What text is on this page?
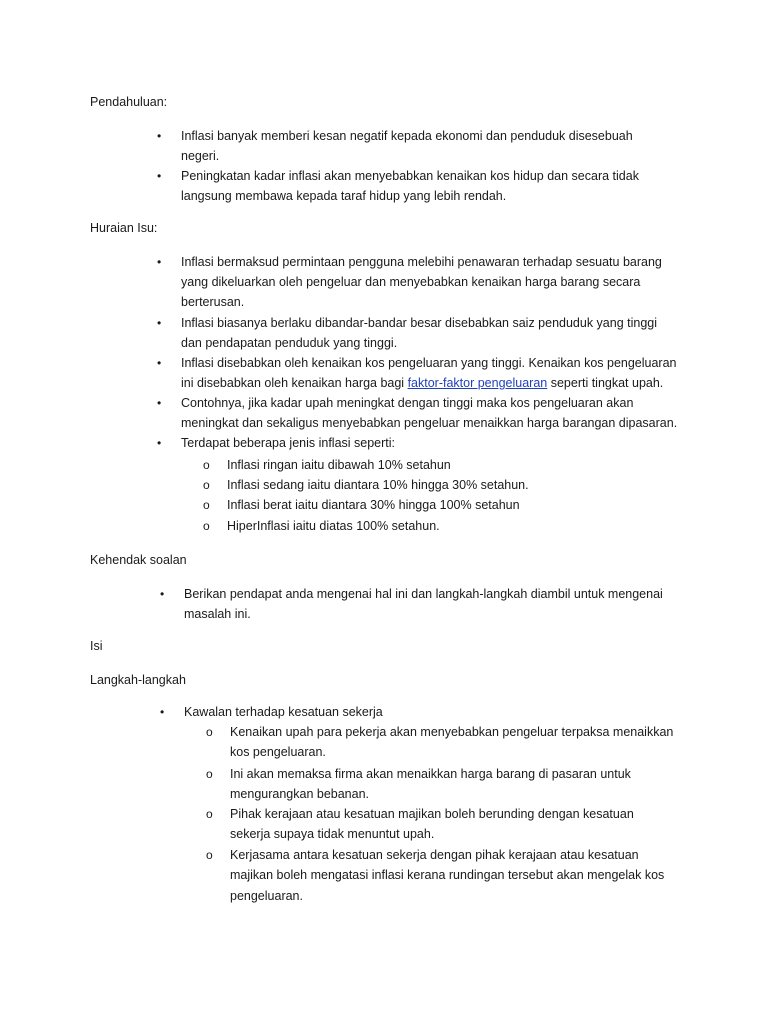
Pendahuluan:
• Inflasi banyak memberi kesan negatif kepada ekonomi dan penduduk disesebuah
negeri.
• Peningkatan kadar inflasi akan menyebabkan kenaikan kos hidup dan secara tidak
langsung membawa kepada taraf hidup yang lebih rendah.
Huraian Isu:
• Inflasi bermaksud permintaan pengguna melebihi penawaran terhadap sesuatu barang
yang dikeluarkan oleh pengeluar dan menyebabkan kenaikan harga barang secara
berterusan.
• Inflasi biasanya berlaku dibandar-bandar besar disebabkan saiz penduduk yang tinggi
dan pendapatan penduduk yang tinggi.
• Inflasi disebabkan oleh kenaikan kos pengeluaran yang tinggi. Kenaikan kos pengeluaran
ini disebabkan oleh kenaikan harga bagi faktor-faktor pengeluaran seperti tingkat upah.
• Contohnya, jika kadar upah meningkat dengan tinggi maka kos pengeluaran akan
meningkat dan sekaligus menyebabkan pengeluar menaikkan harga barangan dipasaran.
• Terdapat beberapa jenis inflasi seperti:
o Inflasi ringan iaitu dibawah 10% setahun
o Inflasi sedang iaitu diantara 10% hingga 30% setahun.
o Inflasi berat iaitu diantara 30% hingga 100% setahun
o HiperInflasi iaitu diatas 100% setahun.
Kehendak soalan
• Berikan pendapat anda mengenai hal ini dan langkah-langkah diambil untuk mengenai
masalah ini.
Isi
Langkah-langkah
• Kawalan terhadap kesatuan sekerja
o Kenaikan upah para pekerja akan menyebabkan pengeluar terpaksa menaikkan
kos pengeluaran.
o Ini akan memaksa firma akan menaikkan harga barang di pasaran untuk
mengurangkan bebanan.
o Pihak kerajaan atau kesatuan majikan boleh berunding dengan kesatuan
sekerja supaya tidak menuntut upah.
o Kerjasama antara kesatuan sekerja dengan pihak kerajaan atau kesatuan
majikan boleh mengatasi inflasi kerana rundingan tersebut akan mengelak kos
pengeluaran.
